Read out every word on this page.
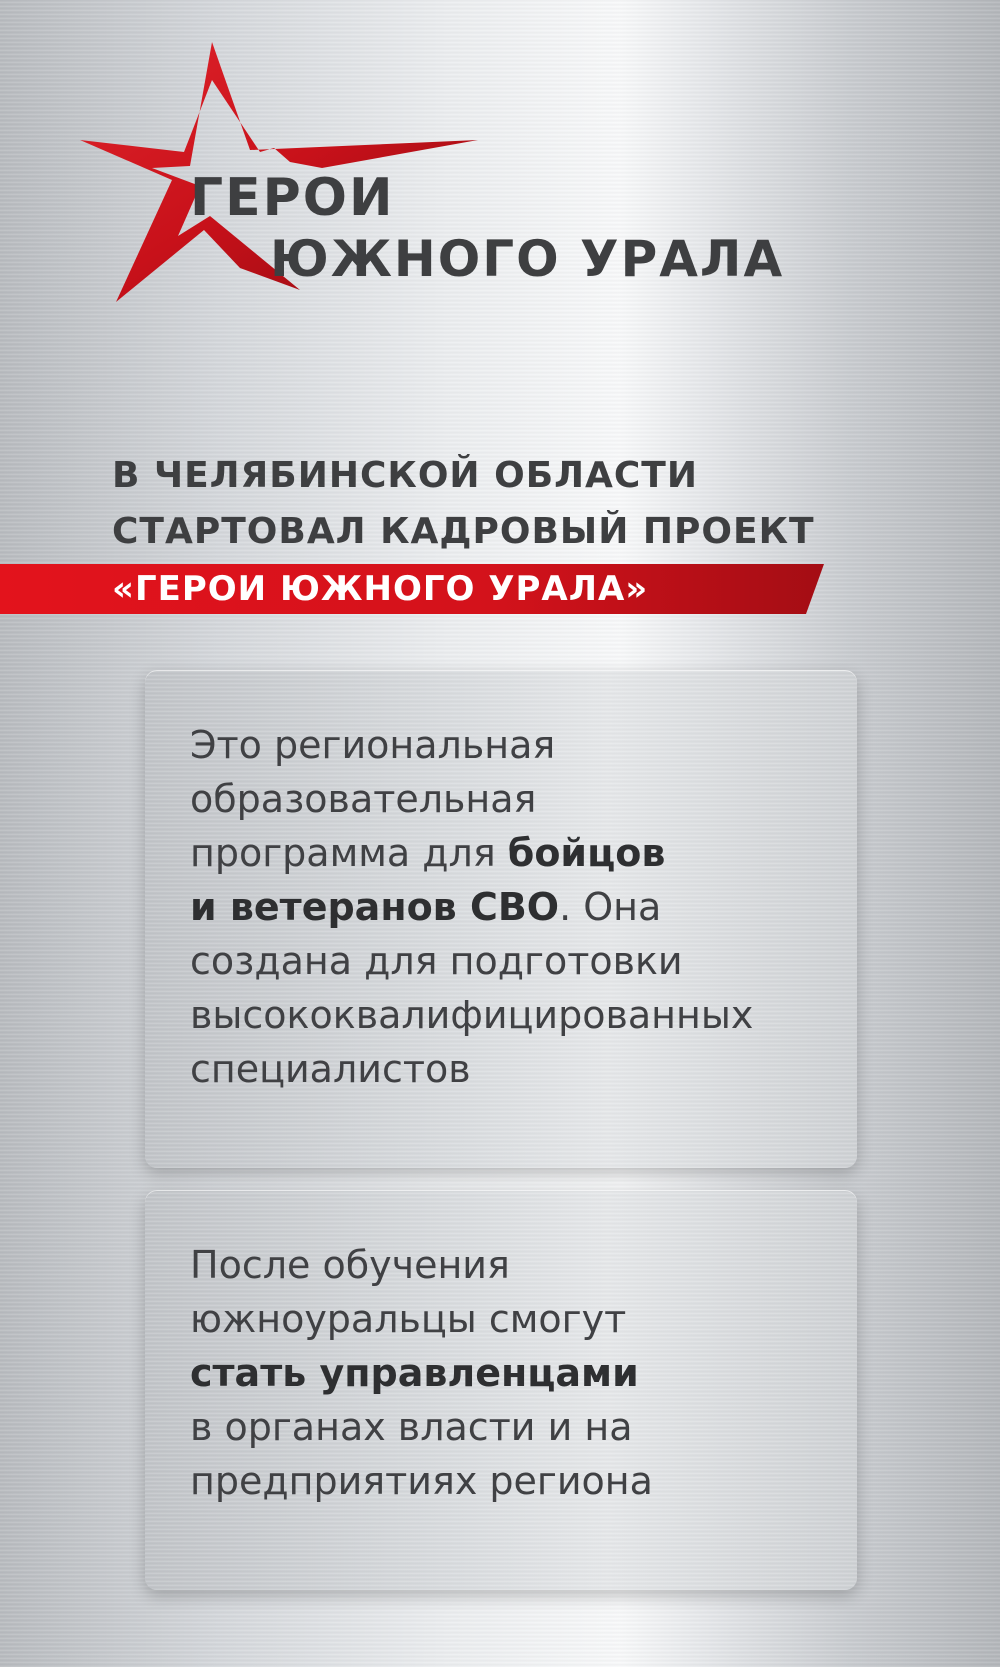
ГЕРОИ
ЮЖНОГО УРАЛА
В ЧЕЛЯБИНСКОЙ ОБЛАСТИ
СТАРТОВАЛ КАДРОВЫЙ ПРОЕКТ
«ГЕРОИ ЮЖНОГО УРАЛА»
Это региональная
образовательная
программа для бойцов
и ветеранов СВО. Она
создана для подготовки
высококвалифицированных
специалистов
После обучения
южноуральцы смогут
стать управленцами
в органах власти и на
предприятиях региона
